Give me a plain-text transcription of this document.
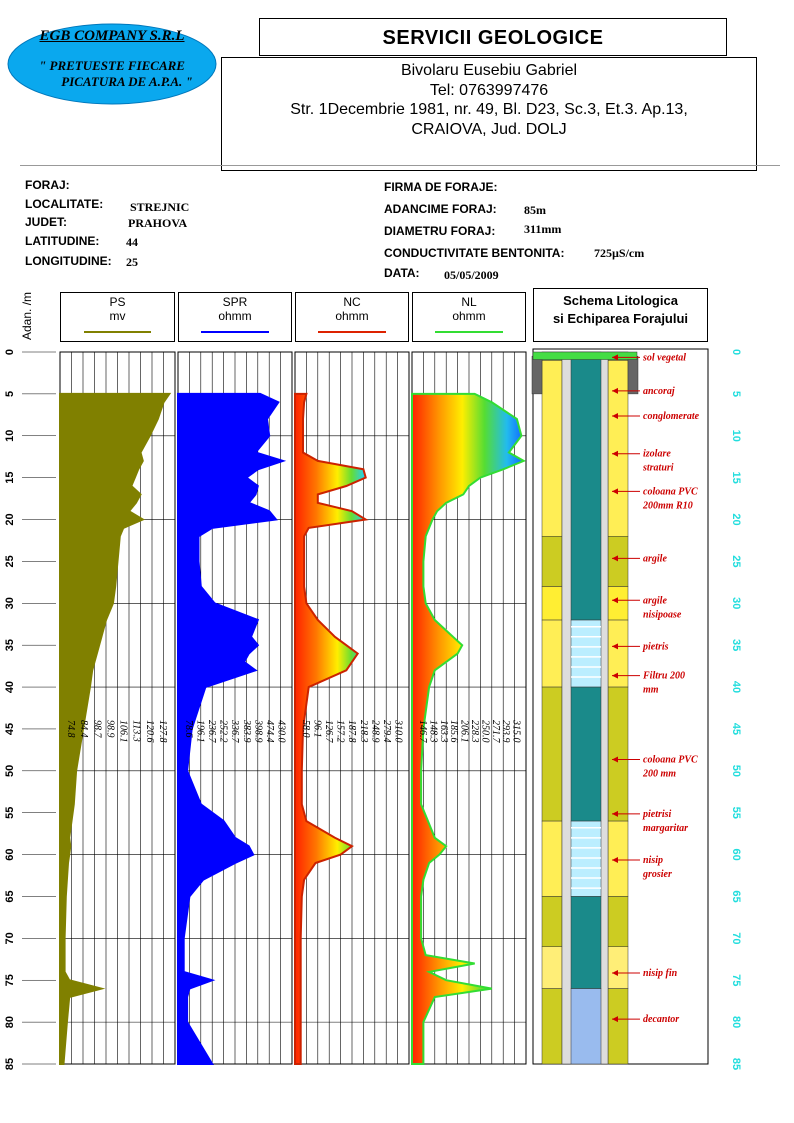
74.8 84.4 98.7 98.9 106.1 113.3 120.6 127.8 78.6 196.1 236.7 252.2 336.7 383.9 398.9 474.4 430.0 58.0 96.1 126.7 157.2 187.8 218.3 248.9 279.4 310.0 146.7 148.3 163.3 185.6 206.1 228.3 250.0 271.7 293.9 315.0
0	0
5	5
10	10
15	15
20	20
25	25
30	30
35	35
40	40
45	45
50	50
55	55
60	60
65	65
70	70
75	75
80	80
85	85
sol vegetal
ancoraj
conglomerate
izolare straturi
coloana PVC 200mm R10
argile
argile nisipoase
pietris
Filtru 200 mm
coloana PVC 200 mm
pietrisi margaritar
nisip grosier
nisip fin
decantor
EGB COMPANY S.R.L
" PRETUESTE FIECARE
PICATURA DE A.P.A. "
SERVICII GEOLOGICE
Bivolaru Eusebiu Gabriel
Tel: 0763997476
Str. 1Decembrie 1981, nr. 49, Bl. D23, Sc.3, Et.3. Ap.13,
CRAIOVA, Jud. DOLJ
FORAJ:
LOCALITATE: STREJNIC
JUDET:	PRAHOVA
LATITUDINE: 44
LONGITUDINE: 25
FIRMA DE FORAJE:
ADANCIME FORAJ: 85m
DIAMETRU FORAJ: 311mm
CONDUCTIVITATE BENTONITA: 725µS/cm
DATA: 05/05/2009
Adan. /m	PS
mv
SPR
ohmm
NC
ohmm
NL
ohmm
Schema Litologica
si Echiparea Forajului
